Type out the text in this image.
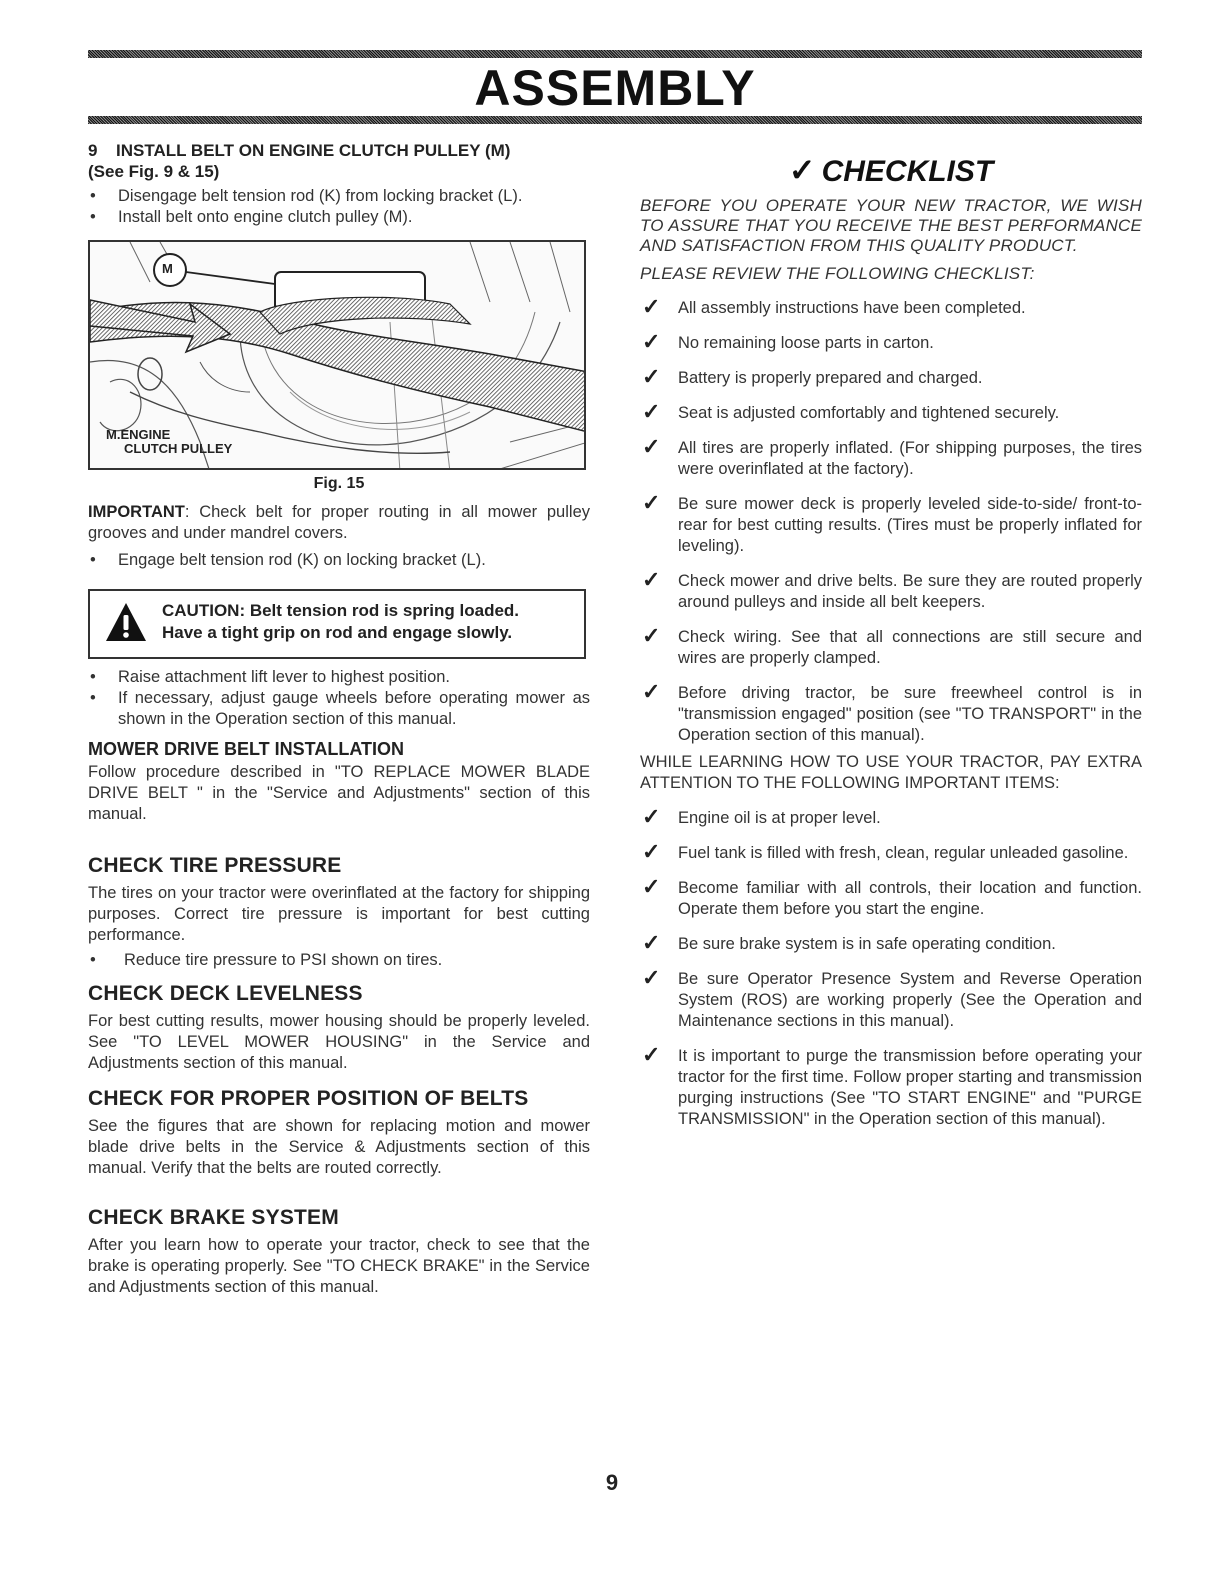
ASSEMBLY
9 INSTALL BELT ON ENGINE CLUTCH PULLEY (M)
(See Fig. 9 & 15)
• Disengage belt tension rod (K) from locking bracket (L).
• Install belt onto engine clutch pulley (M).
M
M.ENGINE
CLUTCH PULLEY
Fig. 15

IMPORTANT: Check belt for proper routing in all mower pulley grooves and under mandrel covers.

• Engage belt tension rod (K) on locking bracket (L).
CAUTION: Belt tension rod is spring loaded.
Have a tight grip on rod and engage slowly.
• Raise attachment lift lever to highest position.
• If necessary, adjust gauge wheels before operating mower as shown in the Operation section of this manual.
MOWER DRIVE BELT INSTALLATION

Follow procedure described in "TO REPLACE MOWER BLADE DRIVE BELT " in the "Service and Adjustments" section of this manual.

CHECK TIRE PRESSURE

The tires on your tractor were overinflated at the factory for shipping purposes. Correct tire pressure is important for best cutting performance.

• Reduce tire pressure to PSI shown on tires.
CHECK DECK LEVELNESS

For best cutting results, mower housing should be properly leveled. See "TO LEVEL MOWER HOUSING" in the Service and Adjustments section of this manual.

CHECK FOR PROPER POSITION OF BELTS

See the figures that are shown for replacing motion and mower blade drive belts in the Service & Adjustments section of this manual. Verify that the belts are routed correctly.

CHECK BRAKE SYSTEM

After you learn how to operate your tractor, check to see that the brake is operating properly. See "TO CHECK BRAKE" in the Service and Adjustments section of this manual.

✓ CHECKLIST

BEFORE YOU OPERATE YOUR NEW TRACTOR, WE WISH TO ASSURE THAT YOU RECEIVE THE BEST PERFORMANCE AND SATISFACTION FROM THIS QUALITY PRODUCT.

PLEASE REVIEW THE FOLLOWING CHECKLIST:

✓ All assembly instructions have been completed.
✓ No remaining loose parts in carton.
✓ Battery is properly prepared and charged.
✓ Seat is adjusted comfortably and tightened securely.
✓ All tires are properly inflated. (For shipping purposes, the tires were overinflated at the factory).
✓ Be sure mower deck is properly leveled side-to-side/ front-to-rear for best cutting results. (Tires must be properly inflated for leveling).
✓ Check mower and drive belts. Be sure they are routed properly around pulleys and inside all belt keepers.
✓ Check wiring. See that all connections are still secure and wires are properly clamped.
✓ Before driving tractor, be sure freewheel control is in "transmission engaged" position (see "TO TRANSPORT" in the Operation section of this manual).

WHILE LEARNING HOW TO USE YOUR TRACTOR, PAY EXTRA ATTENTION TO THE FOLLOWING IMPORTANT ITEMS:

✓ Engine oil is at proper level.
✓ Fuel tank is filled with fresh, clean, regular unleaded gasoline.
✓ Become familiar with all controls, their location and function. Operate them before you start the engine.
✓ Be sure brake system is in safe operating condition.
✓ Be sure Operator Presence System and Reverse Operation System (ROS) are working properly (See the Operation and Maintenance sections in this manual).
✓ It is important to purge the transmission before operating your tractor for the first time. Follow proper starting and transmission purging instructions (See "TO START ENGINE" and "PURGE TRANSMISSION" in the Operation section of this manual).
9
